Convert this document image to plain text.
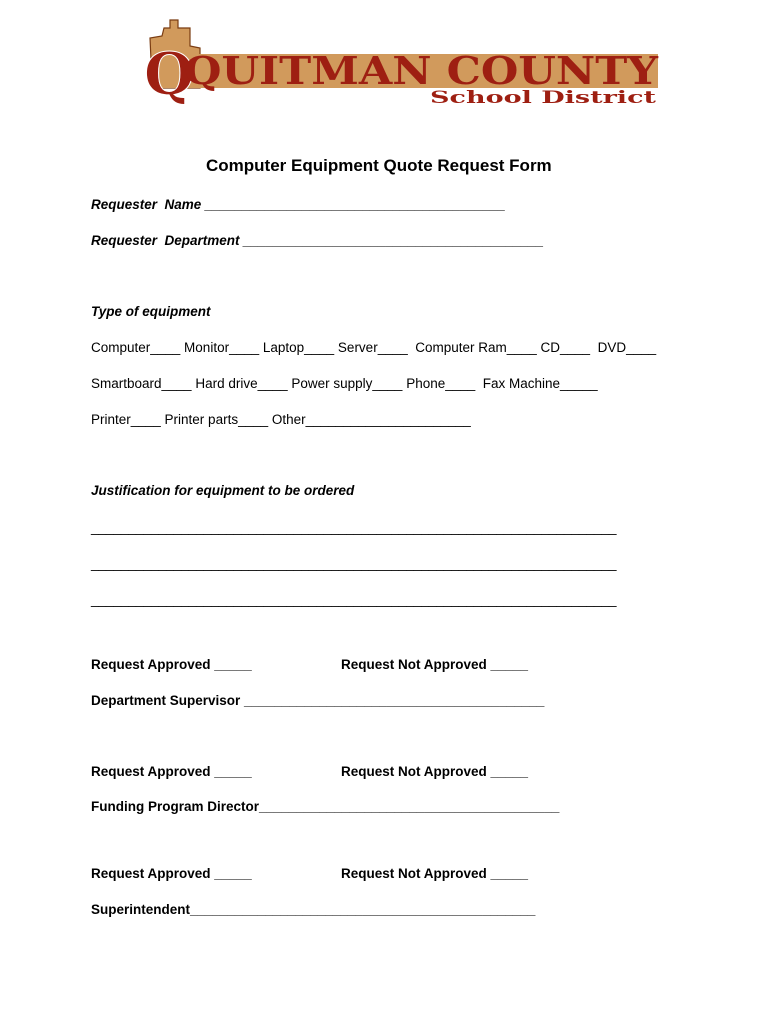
Q
QUITMAN COUNTY
School District
Computer Equipment Quote Request Form
Requester  Name ________________________________________
Requester  Department ________________________________________
Type of equipment
Computer____ Monitor____ Laptop____ Server____  Computer Ram____ CD____  DVD____
Smartboard____ Hard drive____ Power supply____ Phone____  Fax Machine_____
Printer____ Printer parts____ Other______________________
Justification for equipment to be ordered
______________________________________________________________________
______________________________________________________________________
______________________________________________________________________
Request Approved _____	Request Not Approved _____
Department Supervisor ________________________________________
Request Approved _____	Request Not Approved _____
Funding Program Director________________________________________
Request Approved _____	Request Not Approved _____
Superintendent______________________________________________
